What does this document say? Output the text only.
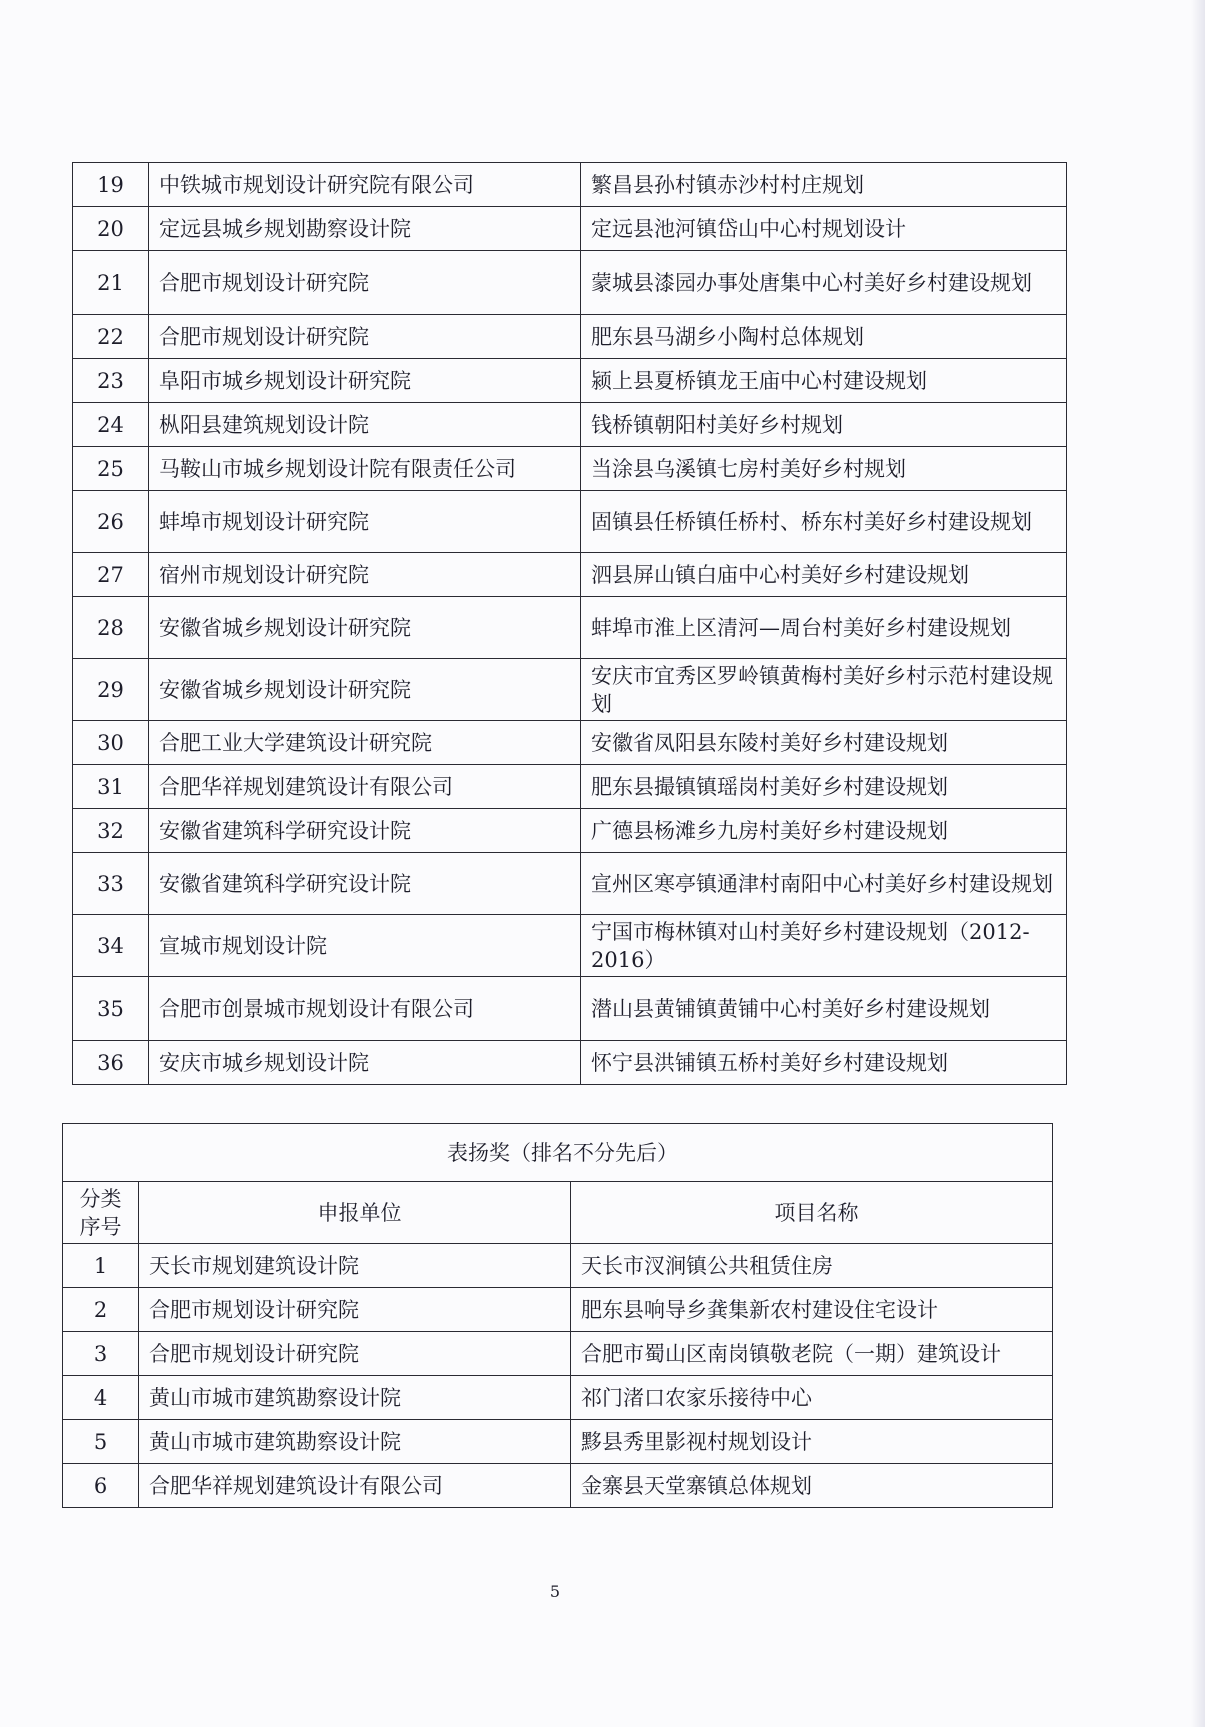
19	中铁城市规划设计研究院有限公司	繁昌县孙村镇赤沙村村庄规划
20	定远县城乡规划勘察设计院	定远县池河镇岱山中心村规划设计
21	合肥市规划设计研究院	蒙城县漆园办事处唐集中心村美好乡村建设规划
22	合肥市规划设计研究院	肥东县马湖乡小陶村总体规划
23	阜阳市城乡规划设计研究院	颍上县夏桥镇龙王庙中心村建设规划
24	枞阳县建筑规划设计院	钱桥镇朝阳村美好乡村规划
25	马鞍山市城乡规划设计院有限责任公司	当涂县乌溪镇七房村美好乡村规划
26	蚌埠市规划设计研究院	固镇县任桥镇任桥村、桥东村美好乡村建设规划
27	宿州市规划设计研究院	泗县屏山镇白庙中心村美好乡村建设规划
28	安徽省城乡规划设计研究院	蚌埠市淮上区清河—周台村美好乡村建设规划
29	安徽省城乡规划设计研究院	安庆市宜秀区罗岭镇黄梅村美好乡村示范村建设规划
30	合肥工业大学建筑设计研究院	安徽省凤阳县东陵村美好乡村建设规划
31	合肥华祥规划建筑设计有限公司	肥东县撮镇镇瑶岗村美好乡村建设规划
32	安徽省建筑科学研究设计院	广德县杨滩乡九房村美好乡村建设规划
33	安徽省建筑科学研究设计院	宣州区寒亭镇通津村南阳中心村美好乡村建设规划
34	宣城市规划设计院	宁国市梅林镇对山村美好乡村建设规划（2012-2016）
35	合肥市创景城市规划设计有限公司	潜山县黄铺镇黄铺中心村美好乡村建设规划
36	安庆市城乡规划设计院	怀宁县洪铺镇五桥村美好乡村建设规划
表扬奖（排名不分先后）		
分类序号	申报单位	项目名称
1	天长市规划建筑设计院	天长市汊涧镇公共租赁住房
2	合肥市规划设计研究院	肥东县响导乡龚集新农村建设住宅设计
3	合肥市规划设计研究院	合肥市蜀山区南岗镇敬老院（一期）建筑设计
4	黄山市城市建筑勘察设计院	祁门渚口农家乐接待中心
5	黄山市城市建筑勘察设计院	黟县秀里影视村规划设计
6	合肥华祥规划建筑设计有限公司	金寨县天堂寨镇总体规划
5
